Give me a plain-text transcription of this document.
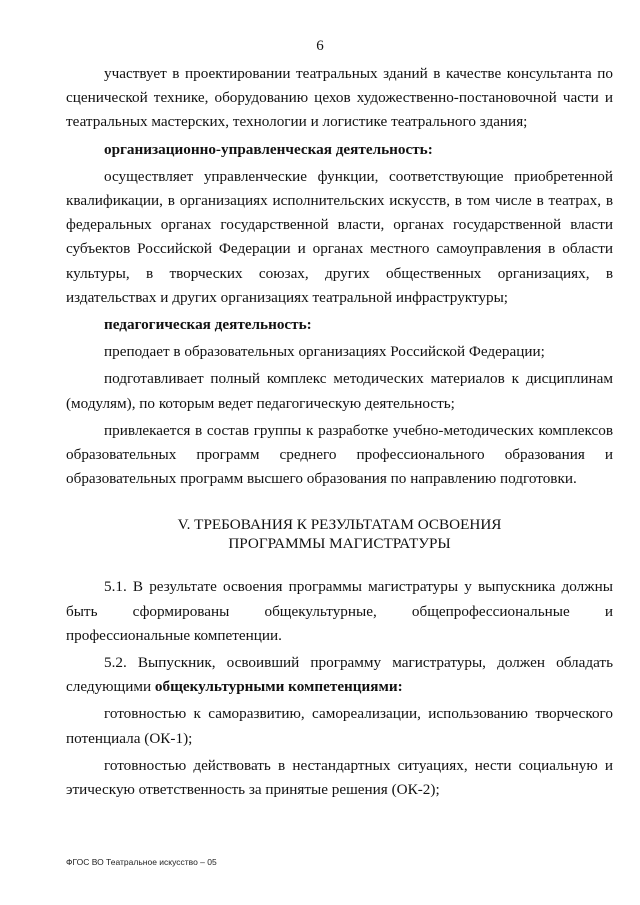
6

участвует в проектировании театральных зданий в качестве консультанта по сценической технике, оборудованию цехов художественно-постановочной части и театральных мастерских, технологии и логистике театрального здания;

организационно-управленческая деятельность:

осуществляет управленческие функции, соответствующие приобретенной квалификации, в организациях исполнительских искусств, в том числе в театрах, в федеральных органах государственной власти, органах государственной власти субъектов Российской Федерации и органах местного самоуправления в области культуры, в творческих союзах, других общественных организациях, в издательствах и других организациях театральной инфраструктуры;

педагогическая деятельность:

преподает в образовательных организациях Российской Федерации;

подготавливает полный комплекс методических материалов к дисциплинам (модулям), по которым ведет педагогическую деятельность;

привлекается в состав группы к разработке учебно-методических комплексов образовательных программ среднего профессионального образования и образовательных программ высшего образования по направлению подготовки.

V. ТРЕБОВАНИЯ К РЕЗУЛЬТАТАМ ОСВОЕНИЯ
ПРОГРАММЫ МАГИСТРАТУРЫ

5.1. В результате освоения программы магистратуры у выпускника должны быть сформированы общекультурные, общепрофессиональные и профессиональные компетенции.

5.2. Выпускник, освоивший программу магистратуры, должен обладать следующими общекультурными компетенциями:

готовностью к саморазвитию, самореализации, использованию творческого потенциала (ОК-1);

готовностью действовать в нестандартных ситуациях, нести социальную и этическую ответственность за принятые решения (ОК-2);

ФГОС ВО Театральное искусство – 05
